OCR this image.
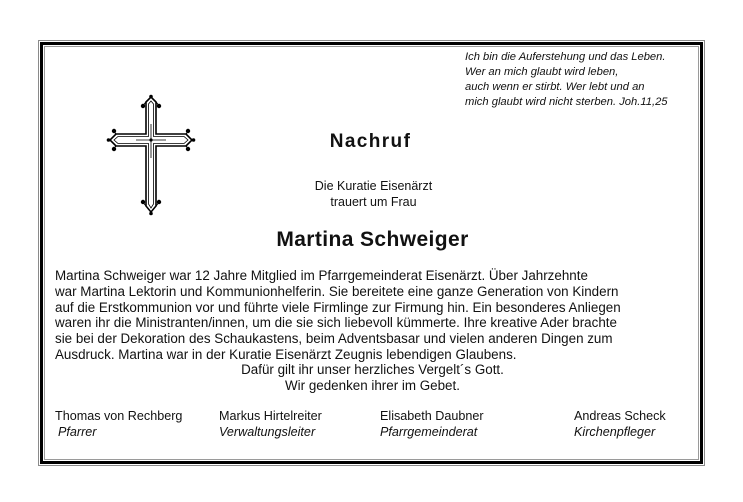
Ich bin die Auferstehung und das Leben.
Wer an mich glaubt wird leben,
auch wenn er stirbt. Wer lebt und an
mich glaubt wird nicht sterben. Joh.11,25
Nachruf
Die Kuratie Eisenärzt
trauert um Frau
Martina Schweiger
Martina Schweiger war 12 Jahre Mitglied im Pfarrgemeinderat Eisenärzt. Über Jahrzehnte
war Martina Lektorin und Kommunionhelferin. Sie bereitete eine ganze Generation von Kindern
auf die Erstkommunion vor und führte viele Firmlinge zur Firmung hin. Ein besonderes Anliegen
waren ihr die Ministranten/innen, um die sie sich liebevoll kümmerte. Ihre kreative Ader brachte
sie bei der Dekoration des Schaukastens, beim Adventsbasar und vielen anderen Dingen zum
Ausdruck. Martina war in der Kuratie Eisenärzt Zeugnis lebendigen Glaubens.
Dafür gilt ihr unser herzliches Vergelt´s Gott.
Wir gedenken ihrer im Gebet.
Thomas von Rechberg
Pfarrer
Markus Hirtelreiter
Verwaltungsleiter
Elisabeth Daubner
Pfarrgemeinderat
Andreas Scheck
Kirchenpfleger
